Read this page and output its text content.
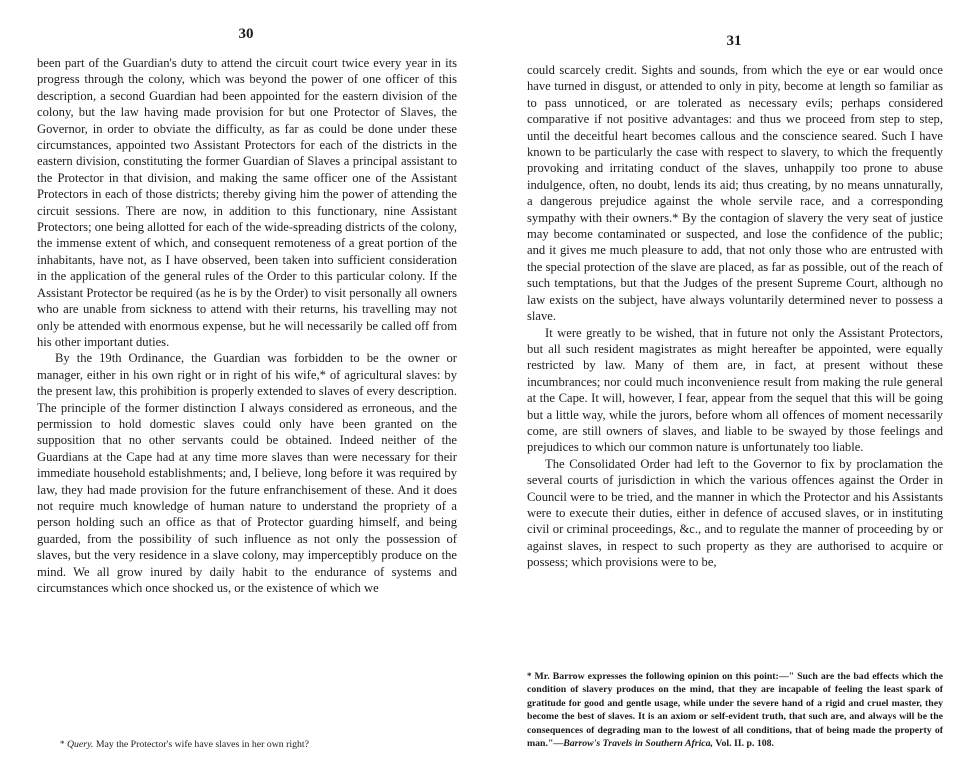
30

been part of the Guardian's duty to attend the circuit court twice every year in its progress through the colony, which was beyond the power of one officer of this description, a second Guardian had been appointed for the eastern division of the colony, but the law having made provision for but one Protector of Slaves, the Governor, in order to obviate the difficulty, as far as could be done under these circumstances, appointed two Assistant Protectors for each of the districts in the eastern division, constituting the former Guardian of Slaves a principal assistant to the Protector in that division, and making the same officer one of the Assistant Protectors in each of those districts; thereby giving him the power of attending the circuit sessions. There are now, in addition to this functionary, nine Assistant Protectors; one being allotted for each of the wide-spreading districts of the colony, the immense extent of which, and consequent remoteness of a great portion of the inhabitants, have not, as I have observed, been taken into sufficient consideration in the application of the general rules of the Order to this particular colony. If the Assistant Protector be required (as he is by the Order) to visit personally all owners who are unable from sickness to attend with their returns, his travelling may not only be attended with enormous expense, but he will necessarily be called off from his other important duties.

By the 19th Ordinance, the Guardian was forbidden to be the owner or manager, either in his own right or in right of his wife,* of agricultural slaves: by the present law, this prohibition is properly extended to slaves of every description. The principle of the former distinction I always considered as erroneous, and the permission to hold domestic slaves could only have been granted on the supposition that no other servants could be obtained. Indeed neither of the Guardians at the Cape had at any time more slaves than were necessary for their immediate household establishments; and, I believe, long before it was required by law, they had made provision for the future enfranchisement of these. And it does not require much knowledge of human nature to understand the propriety of a person holding such an office as that of Protector guarding himself, and being guarded, from the possibility of such influence as not only the possession of slaves, but the very residence in a slave colony, may imperceptibly produce on the mind. We all grow inured by daily habit to the endurance of systems and circumstances which once shocked us, or the existence of which we

* Query. May the Protector's wife have slaves in her own right?
31

could scarcely credit. Sights and sounds, from which the eye or ear would once have turned in disgust, or attended to only in pity, become at length so familiar as to pass unnoticed, or are tolerated as necessary evils; perhaps considered comparative if not positive advantages: and thus we proceed from step to step, until the deceitful heart becomes callous and the conscience seared. Such I have known to be particularly the case with respect to slavery, to which the frequently provoking and irritating conduct of the slaves, unhappily too prone to abuse indulgence, often, no doubt, lends its aid; thus creating, by no means unnaturally, a dangerous prejudice against the whole servile race, and a corresponding sympathy with their owners.* By the contagion of slavery the very seat of justice may become contaminated or suspected, and lose the confidence of the public; and it gives me much pleasure to add, that not only those who are entrusted with the special protection of the slave are placed, as far as possible, out of the reach of such temptations, but that the Judges of the present Supreme Court, although no law exists on the subject, have always voluntarily determined never to possess a slave.

It were greatly to be wished, that in future not only the Assistant Protectors, but all such resident magistrates as might hereafter be appointed, were equally restricted by law. Many of them are, in fact, at present without these incumbrances; nor could much inconvenience result from making the rule general at the Cape. It will, however, I fear, appear from the sequel that this will be going but a little way, while the jurors, before whom all offences of moment necessarily come, are still owners of slaves, and liable to be swayed by those feelings and prejudices to which our common nature is unfortunately too liable.

The Consolidated Order had left to the Governor to fix by proclamation the several courts of jurisdiction in which the various offences against the Order in Council were to be tried, and the manner in which the Protector and his Assistants were to execute their duties, either in defence of accused slaves, or in instituting civil or criminal proceedings, &c., and to regulate the manner of proceeding by or against slaves, in respect to such property as they are authorised to acquire or possess; which provisions were to be,

* Mr. Barrow expresses the following opinion on this point:—" Such are the bad effects which the condition of slavery produces on the mind, that they are incapable of feeling the least spark of gratitude for good and gentle usage, while under the severe hand of a rigid and cruel master, they become the best of slaves. It is an axiom or self-evident truth, that such are, and always will be the consequences of degrading man to the lowest of all conditions, that of being made the property of man."—Barrow's Travels in Southern Africa, Vol. II. p. 108.
